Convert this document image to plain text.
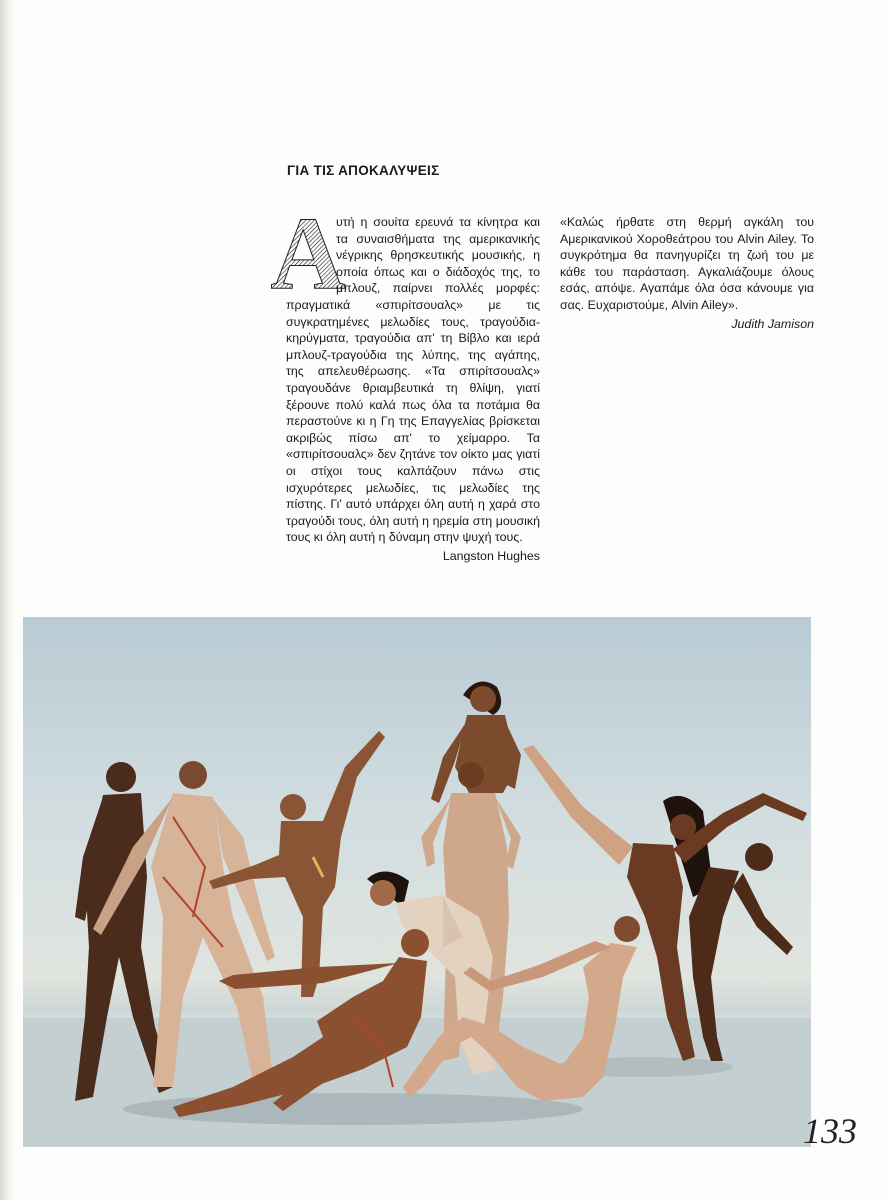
ΓΙΑ ΤΙΣ ΑΠΟΚΑΛΥΨΕΙΣ
Α

υτή η σουίτα ερευνά τα κίνητρα και τα συναισθήματα της αμερικανικής νέγρικης θρησκευτικής μουσικής, η οποία όπως και ο διάδοχός της, το μπλουζ, παίρνει πολλές μορφές: πραγματικά «σπιρίτσουαλς» με τις συγκρατημένες μελωδίες τους, τραγούδια-κηρύγματα, τραγούδια απ' τη Βίβλο και ιερά μπλουζ-τραγούδια της λύπης, της αγάπης, της απελευθέρωσης. «Τα σπιρίτσουαλς» τραγουδάνε θριαμβευτικά τη θλίψη, γιατί ξέρουνε πολύ καλά πως όλα τα ποτάμια θα περαστούνε κι η Γη της Επαγγελίας βρίσκεται ακριβώς πίσω απ' το χείμαρρο. Τα «σπιρίτσουαλς» δεν ζητάνε τον οίκτο μας γιατί οι στίχοι τους καλπάζουν πάνω στις ισχυρότερες μελωδίες, τις μελωδίες της πίστης. Γι' αυτό υπάρχει όλη αυτή η χαρά στο τραγούδι τους, όλη αυτή η ηρεμία στη μουσική τους κι όλη αυτή η δύναμη στην ψυχή τους.

Langston Hughes

«Καλώς ήρθατε στη θερμή αγκάλη του Αμερικανικού Χοροθεάτρου του Alvin Ailey. Το συγκρότημα θα πανηγυρίζει τη ζωή του με κάθε του παράσταση. Αγκαλιάζουμε όλους εσάς, απόψε. Αγαπάμε όλα όσα κάνουμε για σας. Ευχαριστούμε, Alvin Ailey».

Judith Jamison
133
